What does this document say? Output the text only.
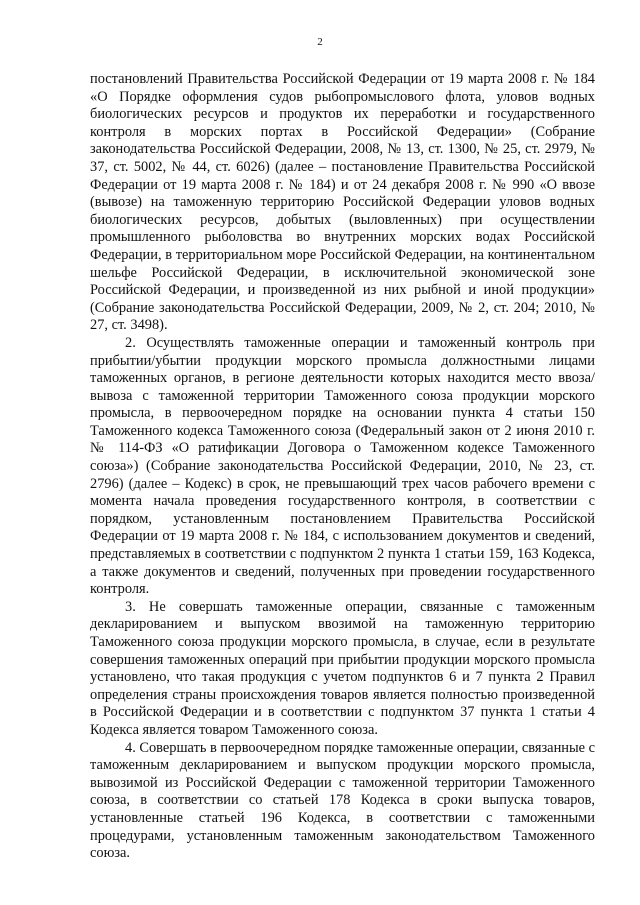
2

постановлений Правительства Российской Федерации от 19 марта 2008 г. № 184 «О Порядке оформления судов рыбопромыслового флота, уловов водных биологических ресурсов и продуктов их переработки и государственного контроля в морских портах в Российской Федерации» (Собрание законодательства Российской Федерации, 2008, № 13, ст. 1300, № 25, ст. 2979, № 37, ст. 5002, № 44, ст. 6026) (далее – постановление Правительства Российской Федерации от 19 марта 2008 г. № 184) и от 24 декабря 2008 г. № 990 «О ввозе (вывозе) на таможенную территорию Российской Федерации уловов водных биологических ресурсов, добытых (выловленных) при осуществлении промышленного рыболовства во внутренних морских водах Российской Федерации, в территориальном море Российской Федерации, на континентальном шельфе Российской Федерации, в исключительной экономической зоне Российской Федерации, и произведенной из них рыбной и иной продукции» (Собрание законодательства Российской Федерации, 2009, № 2, ст. 204; 2010, № 27, ст. 3498).

2. Осуществлять таможенные операции и таможенный контроль при прибытии/убытии продукции морского промысла должностными лицами таможенных органов, в регионе деятельности которых находится место ввоза/вывоза с таможенной территории Таможенного союза продукции морского промысла, в первоочередном порядке на основании пункта 4 статьи 150 Таможенного кодекса Таможенного союза (Федеральный закон от 2 июня 2010 г. № 114-ФЗ «О ратификации Договора о Таможенном кодексе Таможенного союза») (Собрание законодательства Российской Федерации, 2010, № 23, ст. 2796) (далее – Кодекс) в срок, не превышающий трех часов рабочего времени с момента начала проведения государственного контроля, в соответствии с порядком, установленным постановлением Правительства Российской Федерации от 19 марта 2008 г. № 184, с использованием документов и сведений, представляемых в соответствии с подпунктом 2 пункта 1 статьи 159, 163 Кодекса, а также документов и сведений, полученных при проведении государственного контроля.

3. Не совершать таможенные операции, связанные с таможенным декларированием и выпуском ввозимой на таможенную территорию Таможенного союза продукции морского промысла, в случае, если в результате совершения таможенных операций при прибытии продукции морского промысла установлено, что такая продукция с учетом подпунктов 6 и 7 пункта 2 Правил определения страны происхождения товаров является полностью произведенной в Российской Федерации и в соответствии с подпунктом 37 пункта 1 статьи 4 Кодекса является товаром Таможенного союза.

4. Совершать в первоочередном порядке таможенные операции, связанные с таможенным декларированием и выпуском продукции морского промысла, вывозимой из Российской Федерации с таможенной территории Таможенного союза, в соответствии со статьей 178 Кодекса в сроки выпуска товаров, установленные статьей 196 Кодекса, в соответствии с таможенными процедурами, установленным таможенным законодательством Таможенного союза.
